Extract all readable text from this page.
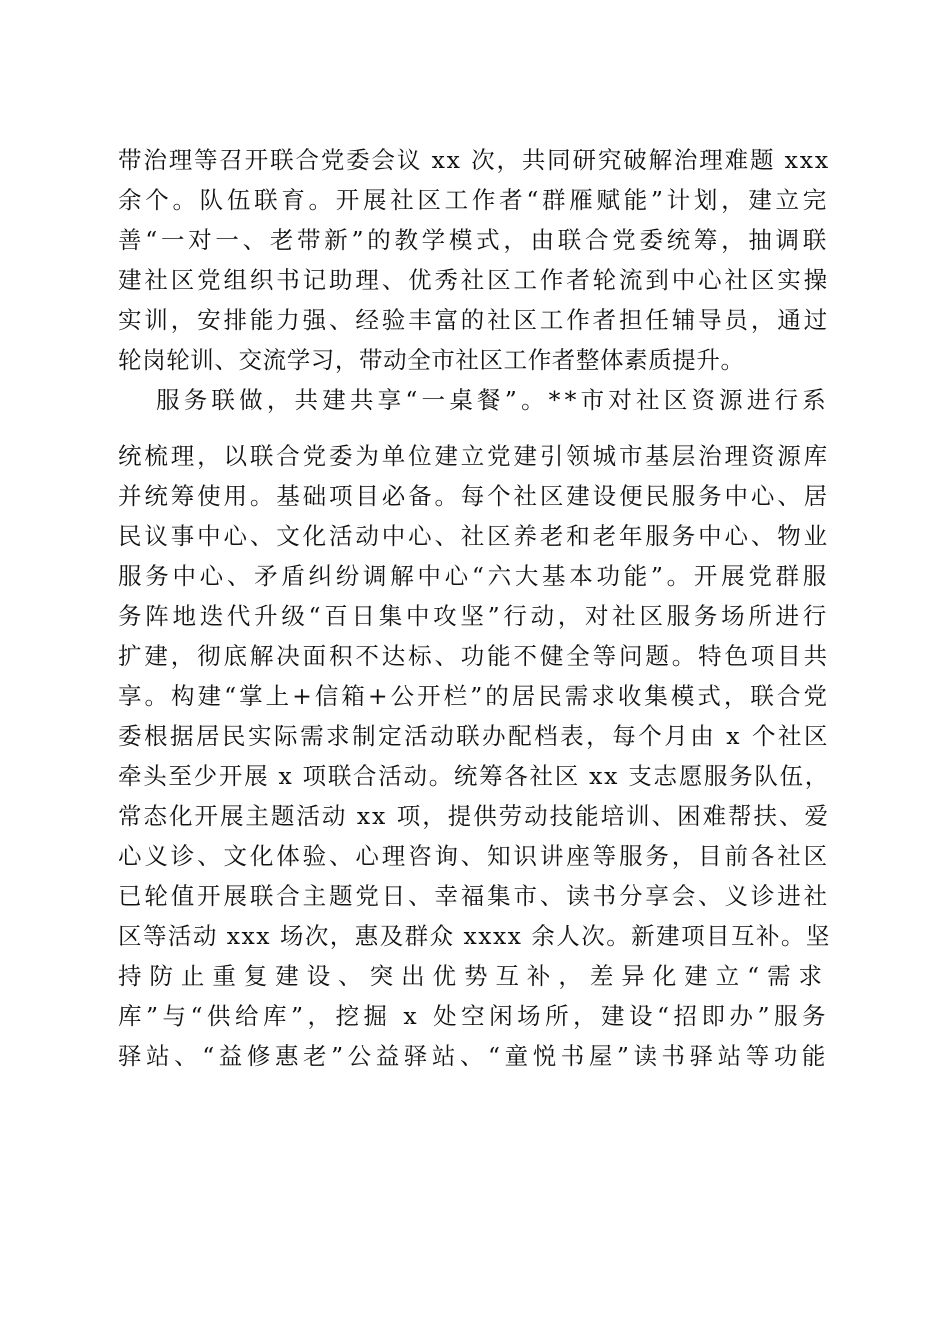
带治理等召开联合党委会议 xx 次，共同研究破解治理难题 xxx
余个。队伍联育。开展社区工作者“群雁赋能”计划，建立完
善“一对一、老带新”的教学模式，由联合党委统筹，抽调联
建社区党组织书记助理、优秀社区工作者轮流到中心社区实操
实训，安排能力强、经验丰富的社区工作者担任辅导员，通过
轮岗轮训、交流学习，带动全市社区工作者整体素质提升。
服务联做，共建共享“一桌餐”。**市对社区资源进行系
统梳理，以联合党委为单位建立党建引领城市基层治理资源库
并统筹使用。基础项目必备。每个社区建设便民服务中心、居
民议事中心、文化活动中心、社区养老和老年服务中心、物业
服务中心、矛盾纠纷调解中心“六大基本功能”。开展党群服
务阵地迭代升级“百日集中攻坚”行动，对社区服务场所进行
扩建，彻底解决面积不达标、功能不健全等问题。特色项目共
享。构建“掌上+信箱+公开栏”的居民需求收集模式，联合党
委根据居民实际需求制定活动联办配档表，每个月由 x 个社区
牵头至少开展 x 项联合活动。统筹各社区 xx 支志愿服务队伍，
常态化开展主题活动 xx 项，提供劳动技能培训、困难帮扶、爱
心义诊、文化体验、心理咨询、知识讲座等服务，目前各社区
已轮值开展联合主题党日、幸福集市、读书分享会、义诊进社
区等活动 xxx 场次，惠及群众 xxxx 余人次。新建项目互补。坚
持防止重复建设、突出优势互补，差异化建立“需求
库”与“供给库”，挖掘 x 处空闲场所，建设“招即办”服务
驿站、“益修惠老”公益驿站、“童悦书屋”读书驿站等功能
